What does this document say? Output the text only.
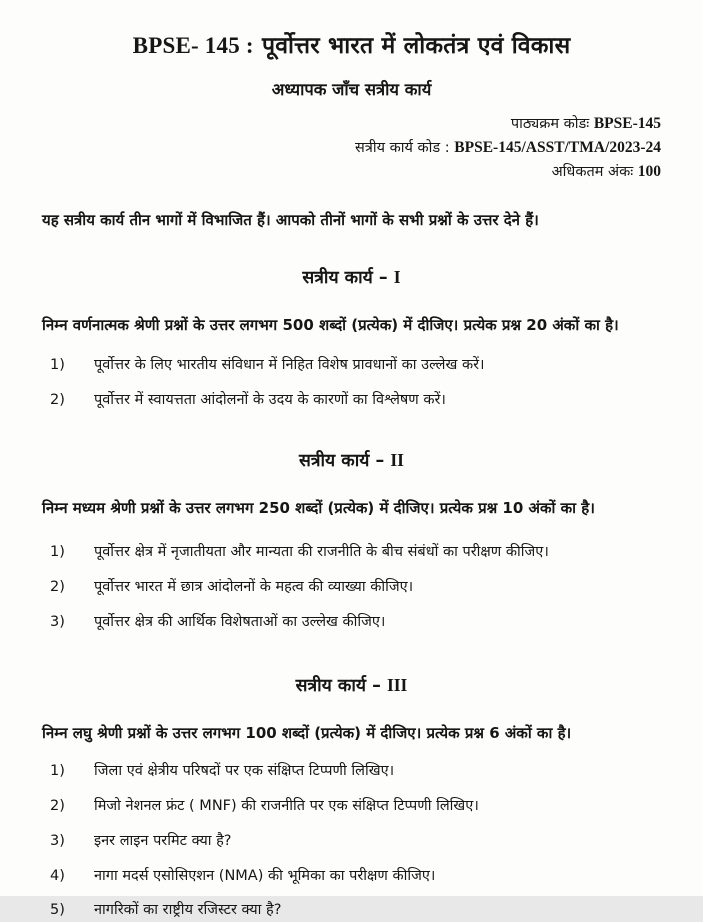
BPSE- 145 : पूर्वोत्तर भारत में लोकतंत्र एवं विकास
अध्यापक जाँच सत्रीय कार्य
पाठ्यक्रम कोडः BPSE-145
सत्रीय कार्य कोड : BPSE-145/ASST/TMA/2023-24
अधिकतम अंकः 100
यह सत्रीय कार्य तीन भागों में विभाजित हैं। आपको तीनों भागों के सभी प्रश्नों के उत्तर देने हैं।
सत्रीय कार्य – I
निम्न वर्णनात्मक श्रेणी प्रश्नों के उत्तर लगभग 500 शब्दों (प्रत्येक) में दीजिए। प्रत्येक प्रश्न 20 अंकों का है।
1)	पूर्वोत्तर के लिए भारतीय संविधान में निहित विशेष प्रावधानों का उल्लेख करें।
2)	पूर्वोत्तर में स्वायत्तता आंदोलनों के उदय के कारणों का विश्लेषण करें।
सत्रीय कार्य – II
निम्न मध्यम श्रेणी प्रश्नों के उत्तर लगभग 250 शब्दों (प्रत्येक) में दीजिए। प्रत्येक प्रश्न 10 अंकों का है।
1)	पूर्वोत्तर क्षेत्र में नृजातीयता और मान्यता की राजनीति के बीच संबंधों का परीक्षण कीजिए।
2)	पूर्वोत्तर भारत में छात्र आंदोलनों के महत्व की व्याख्या कीजिए।
3)	पूर्वोत्तर क्षेत्र की आर्थिक विशेषताओं का उल्लेख कीजिए।
सत्रीय कार्य – III
निम्न लघु श्रेणी प्रश्नों के उत्तर लगभग 100 शब्दों (प्रत्येक) में दीजिए। प्रत्येक प्रश्न 6 अंकों का है।
1)	जिला एवं क्षेत्रीय परिषदों पर एक संक्षिप्त टिप्पणी लिखिए।
2)	मिजो नेशनल फ्रंट ( MNF) की राजनीति पर एक संक्षिप्त टिप्पणी लिखिए।
3)	इनर लाइन परमिट क्या है?
4)	नागा मदर्स एसोसिएशन (NMA) की भूमिका का परीक्षण कीजिए।
5)	नागरिकों का राष्ट्रीय रजिस्टर क्या है?
